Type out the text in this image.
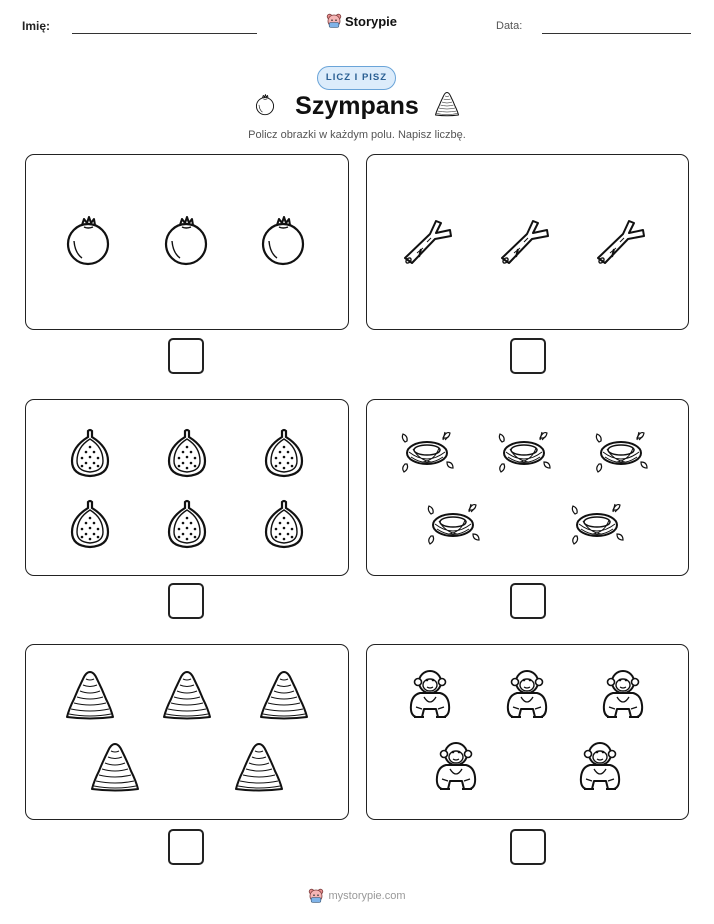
Imię:	Storypie	Data:
LICZ I PISZ
Szympans
Policz obrazki w każdym polu. Napisz liczbę.
mystorypie.com
